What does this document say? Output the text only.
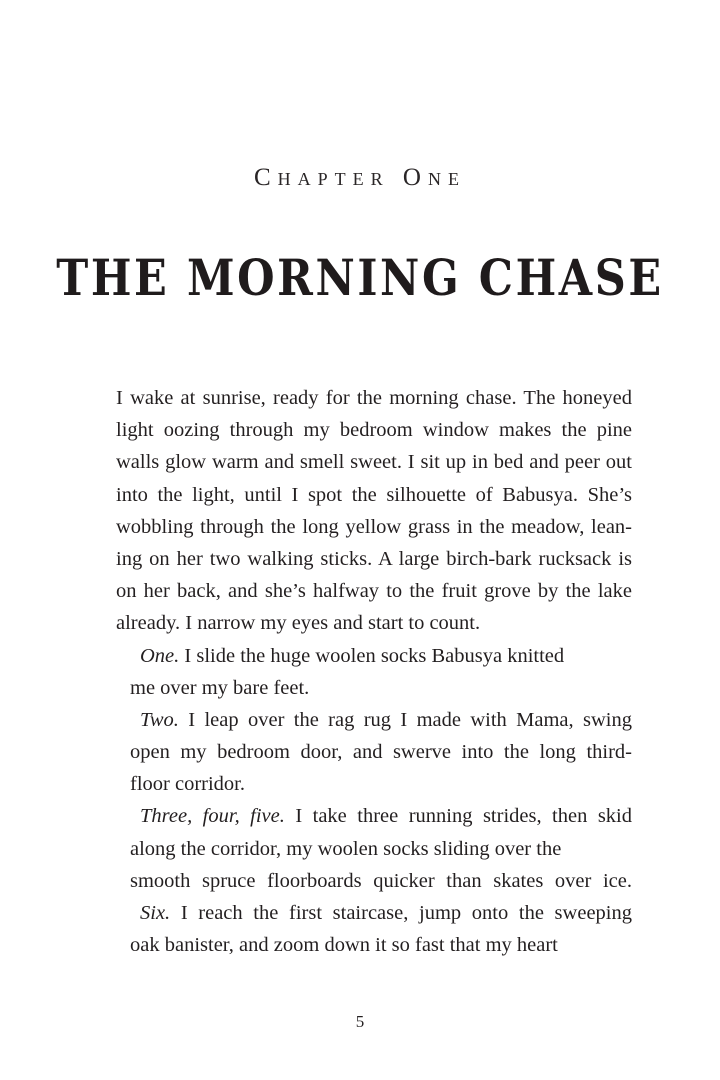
Chapter One
THE MORNING CHASE
I wake at sunrise, ready for the morning chase. The honeyed
light oozing through my bedroom window makes the pine
walls glow warm and smell sweet. I sit up in bed and peer out
into the light, until I spot the silhouette of Babusya. She’s
wobbling through the long yellow grass in the meadow, lean-
ing on her two walking sticks. A large birch-bark rucksack is
on her back, and she’s halfway to the fruit grove by the lake
already. I narrow my eyes and start to count.
One. I slide the huge woolen socks Babusya knitted
me over my bare feet.
Two. I leap over the rag rug I made with Mama, swing
open my bedroom door, and swerve into the long third-
floor corridor.
Three, four, five. I take three running strides, then skid
along the corridor, my woolen socks sliding over the
smooth spruce floorboards quicker than skates over ice.
Six. I reach the first staircase, jump onto the sweeping
oak banister, and zoom down it so fast that my heart
5
